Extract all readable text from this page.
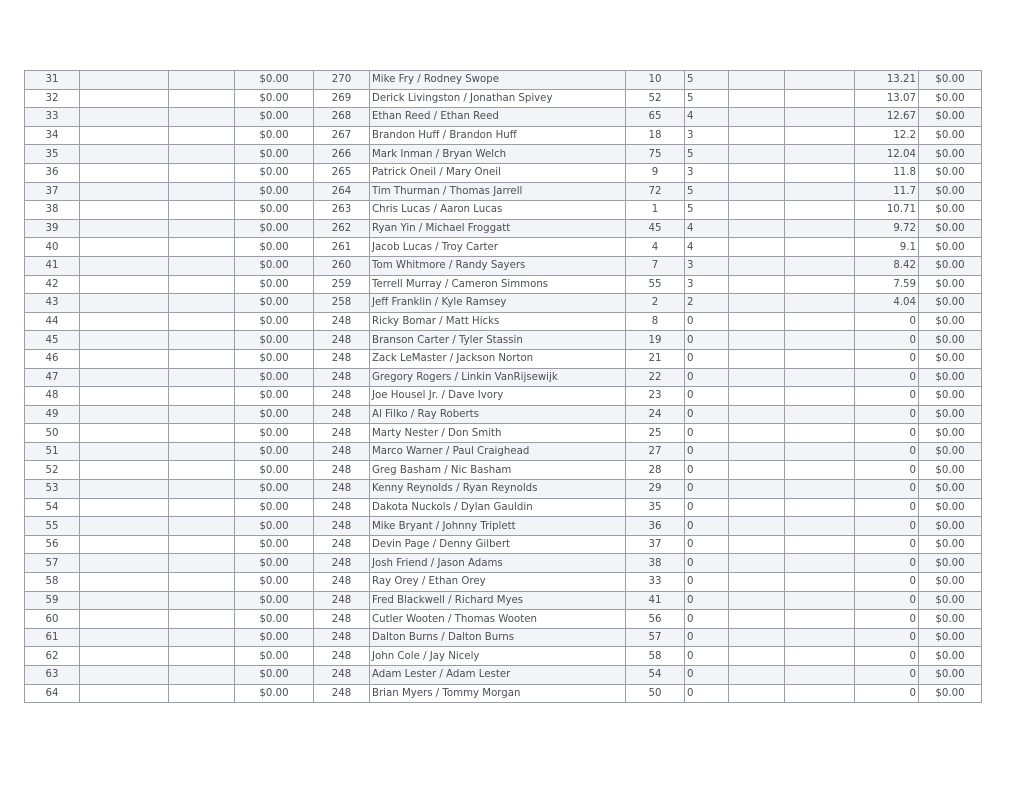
31			$0.00	270	Mike Fry / Rodney Swope	10	5			13.21	$0.00
32			$0.00	269	Derick Livingston / Jonathan Spivey	52	5			13.07	$0.00
33			$0.00	268	Ethan Reed / Ethan Reed	65	4			12.67	$0.00
34			$0.00	267	Brandon Huff / Brandon Huff	18	3			12.2	$0.00
35			$0.00	266	Mark Inman / Bryan Welch	75	5			12.04	$0.00
36			$0.00	265	Patrick Oneil / Mary Oneil	9	3			11.8	$0.00
37			$0.00	264	Tim Thurman / Thomas Jarrell	72	5			11.7	$0.00
38			$0.00	263	Chris Lucas / Aaron Lucas	1	5			10.71	$0.00
39			$0.00	262	Ryan Yin / Michael Froggatt	45	4			9.72	$0.00
40			$0.00	261	Jacob Lucas / Troy Carter	4	4			9.1	$0.00
41			$0.00	260	Tom Whitmore / Randy Sayers	7	3			8.42	$0.00
42			$0.00	259	Terrell Murray / Cameron Simmons	55	3			7.59	$0.00
43			$0.00	258	Jeff Franklin / Kyle Ramsey	2	2			4.04	$0.00
44			$0.00	248	Ricky Bomar / Matt Hicks	8	0			0	$0.00
45			$0.00	248	Branson Carter / Tyler Stassin	19	0			0	$0.00
46			$0.00	248	Zack LeMaster / Jackson Norton	21	0			0	$0.00
47			$0.00	248	Gregory Rogers / Linkin VanRijsewijk	22	0			0	$0.00
48			$0.00	248	Joe Housel Jr. / Dave Ivory	23	0			0	$0.00
49			$0.00	248	Al Filko / Ray Roberts	24	0			0	$0.00
50			$0.00	248	Marty Nester / Don Smith	25	0			0	$0.00
51			$0.00	248	Marco Warner / Paul Craighead	27	0			0	$0.00
52			$0.00	248	Greg Basham / Nic Basham	28	0			0	$0.00
53			$0.00	248	Kenny Reynolds / Ryan Reynolds	29	0			0	$0.00
54			$0.00	248	Dakota Nuckols / Dylan Gauldin	35	0			0	$0.00
55			$0.00	248	Mike Bryant / Johnny Triplett	36	0			0	$0.00
56			$0.00	248	Devin Page / Denny Gilbert	37	0			0	$0.00
57			$0.00	248	Josh Friend / Jason Adams	38	0			0	$0.00
58			$0.00	248	Ray Orey / Ethan Orey	33	0			0	$0.00
59			$0.00	248	Fred Blackwell / Richard Myes	41	0			0	$0.00
60			$0.00	248	Cutler Wooten / Thomas Wooten	56	0			0	$0.00
61			$0.00	248	Dalton Burns / Dalton Burns	57	0			0	$0.00
62			$0.00	248	John Cole / Jay Nicely	58	0			0	$0.00
63			$0.00	248	Adam Lester / Adam Lester	54	0			0	$0.00
64			$0.00	248	Brian Myers / Tommy Morgan	50	0			0	$0.00
